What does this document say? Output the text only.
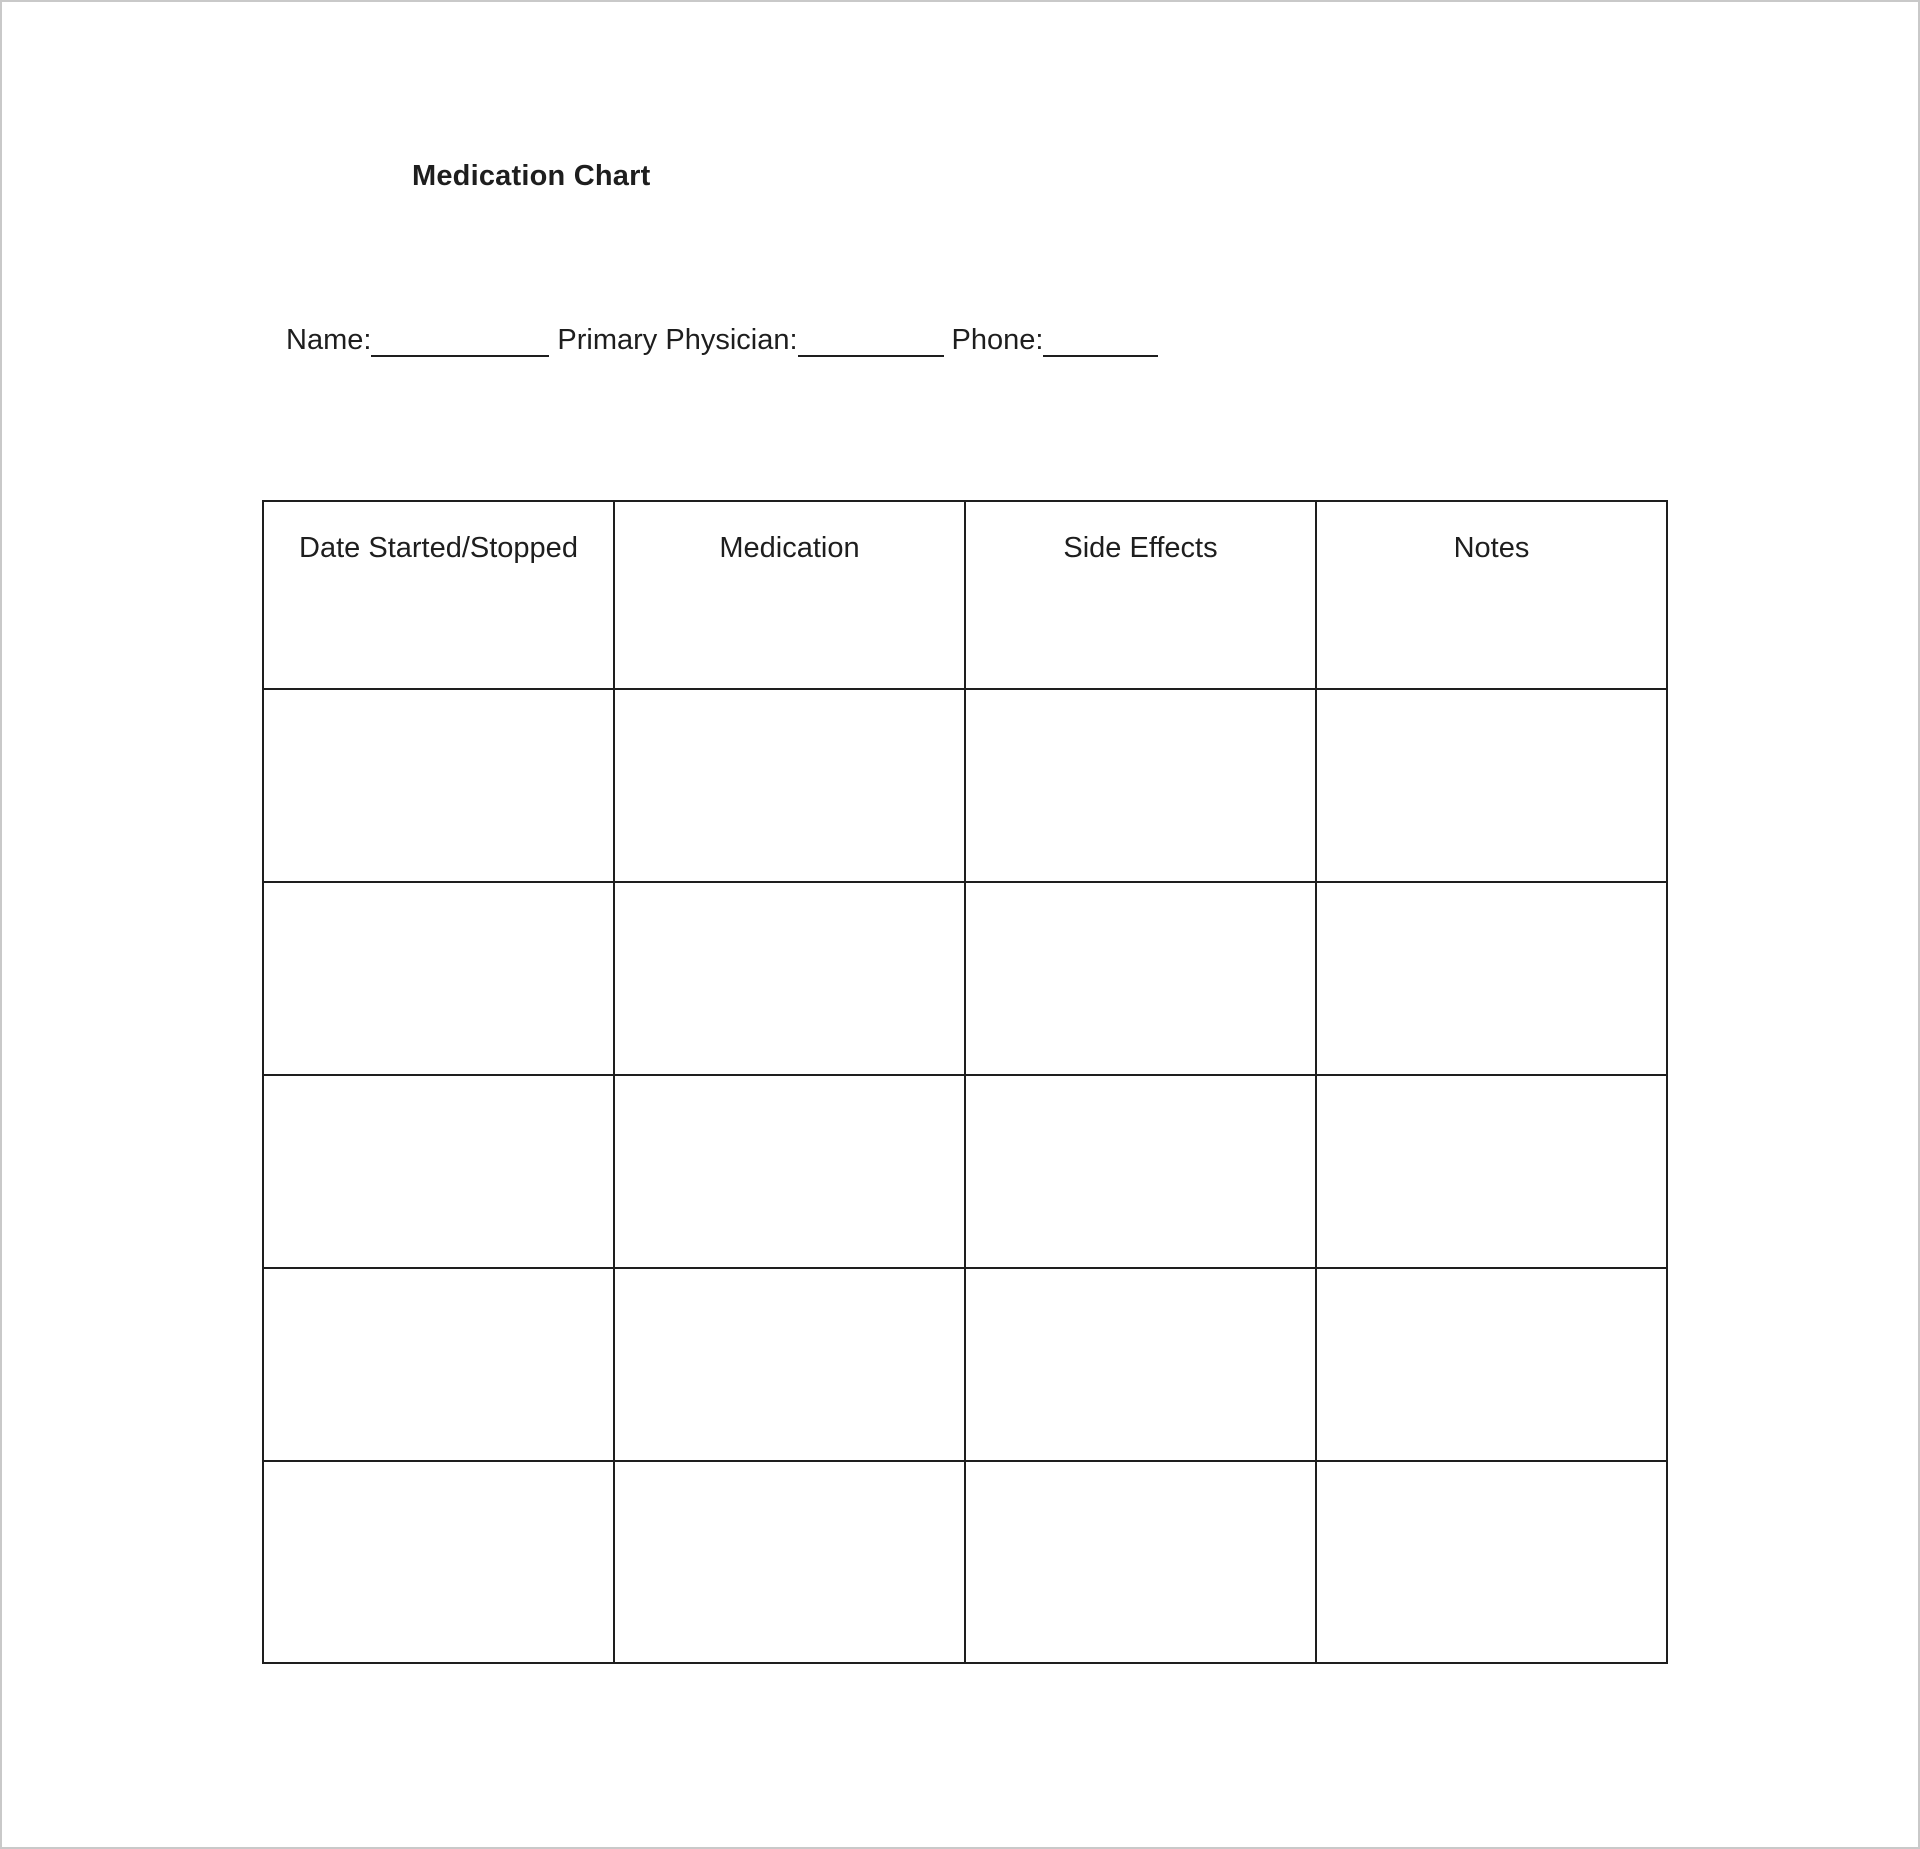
Medication Chart
Name:	Primary Physician:	Phone:
Date Started/Stopped	Medication	Side Effects	Notes
